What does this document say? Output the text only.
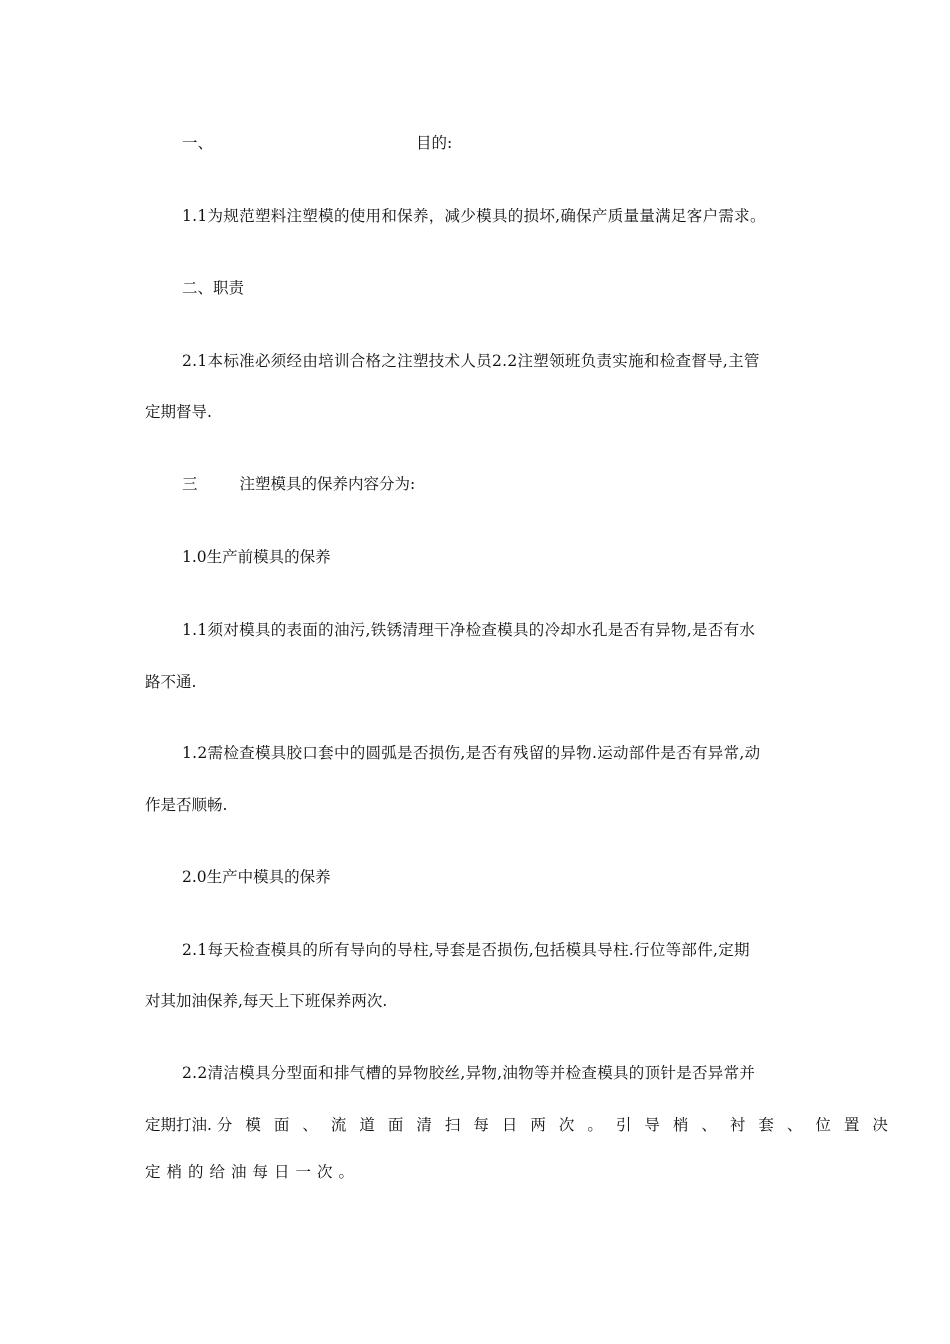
一、	目的:
1.1为规范塑料注塑模的使用和保养，减少模具的损坏,确保产质量量满足客户需求。
二、职责
2.1本标准必须经由培训合格之注塑技术人员2.2注塑领班负责实施和检查督导,主管
定期督导.
三	注塑模具的保养内容分为:
1.0生产前模具的保养
1.1须对模具的表面的油污,铁锈清理干净检查模具的冷却水孔是否有异物,是否有水
路不通.
1.2需检查模具胶口套中的圆弧是否损伤,是否有残留的异物.运动部件是否有异常,动
作是否顺畅.
2.0生产中模具的保养
2.1每天检查模具的所有导向的导柱,导套是否损伤,包括模具导柱.行位等部件,定期
对其加油保养,每天上下班保养两次.
2.2清洁模具分型面和排气槽的异物胶丝,异物,油物等并检查模具的顶针是否异常并
定期打油. 分模面、流道面清扫每日两次。引导梢、衬套、位置决
定梢的给油每日一次。
